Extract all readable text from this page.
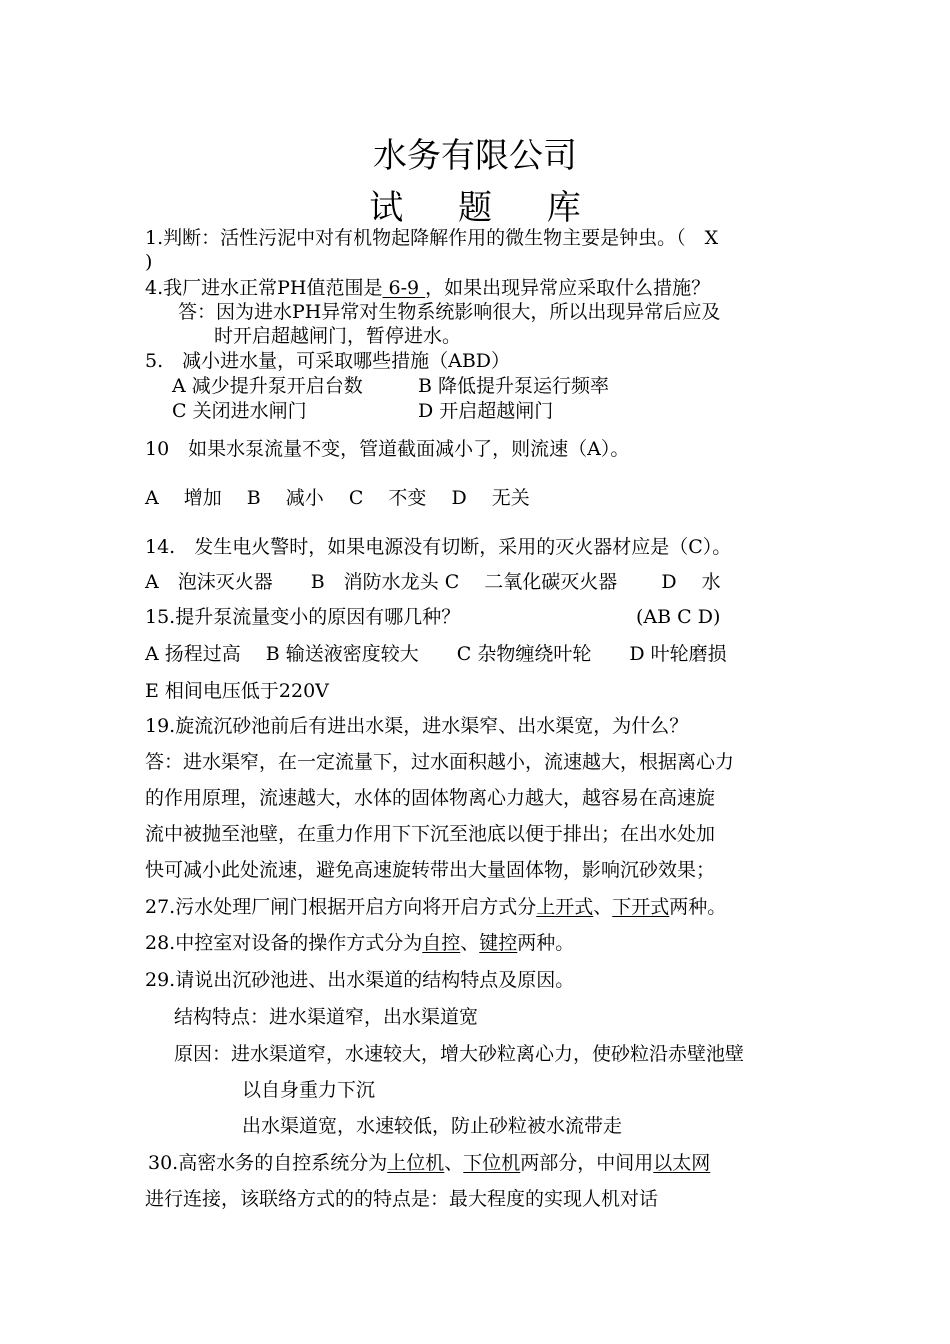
水务有限公司
试 题 库
1.判断：活性污泥中对有机物起降解作用的微生物主要是钟虫。（　X
)
4.我厂进水正常PH值范围是 6-9 ，如果出现异常应采取什么措施？
答：因为进水PH异常对生物系统影响很大，所以出现异常后应及
时开启超越闸门，暂停进水。
5.　减小进水量，可采取哪些措施（ABD）
A 减少提升泵开启台数	B 降低提升泵运行频率
C 关闭进水闸门	D 开启超越闸门
10　如果水泵流量不变，管道截面减小了，则流速（A）。
A　 增加　 B　 减小　 C　 不变　 D　 无关
14.　发生电火警时，如果电源没有切断，采用的灭火器材应是（C）。
A　泡沫灭火器　　B　消防水龙头 C　 二氧化碳灭火器　　 D　 水
15.提升泵流量变小的原因有哪几种？	(AB C D)
A 扬程过高　 B 输送液密度较大　　C 杂物缠绕叶轮　　D 叶轮磨损
E 相间电压低于220V
19.旋流沉砂池前后有进出水渠，进水渠窄、出水渠宽，为什么？
答：进水渠窄，在一定流量下，过水面积越小，流速越大，根据离心力
的作用原理，流速越大，水体的固体物离心力越大，越容易在高速旋
流中被抛至池壁，在重力作用下下沉至池底以便于排出；在出水处加
快可减小此处流速，避免高速旋转带出大量固体物，影响沉砂效果；
27.污水处理厂闸门根据开启方向将开启方式分上开式、下开式两种。
28.中控室对设备的操作方式分为自控、键控两种。
29.请说出沉砂池进、出水渠道的结构特点及原因。
结构特点：进水渠道窄，出水渠道宽
原因：进水渠道窄，水速较大，增大砂粒离心力，使砂粒沿赤壁池壁
以自身重力下沉
出水渠道宽，水速较低，防止砂粒被水流带走
30.高密水务的自控系统分为上位机、下位机两部分，中间用以太网
进行连接，该联络方式的的特点是：最大程度的实现人机对话
